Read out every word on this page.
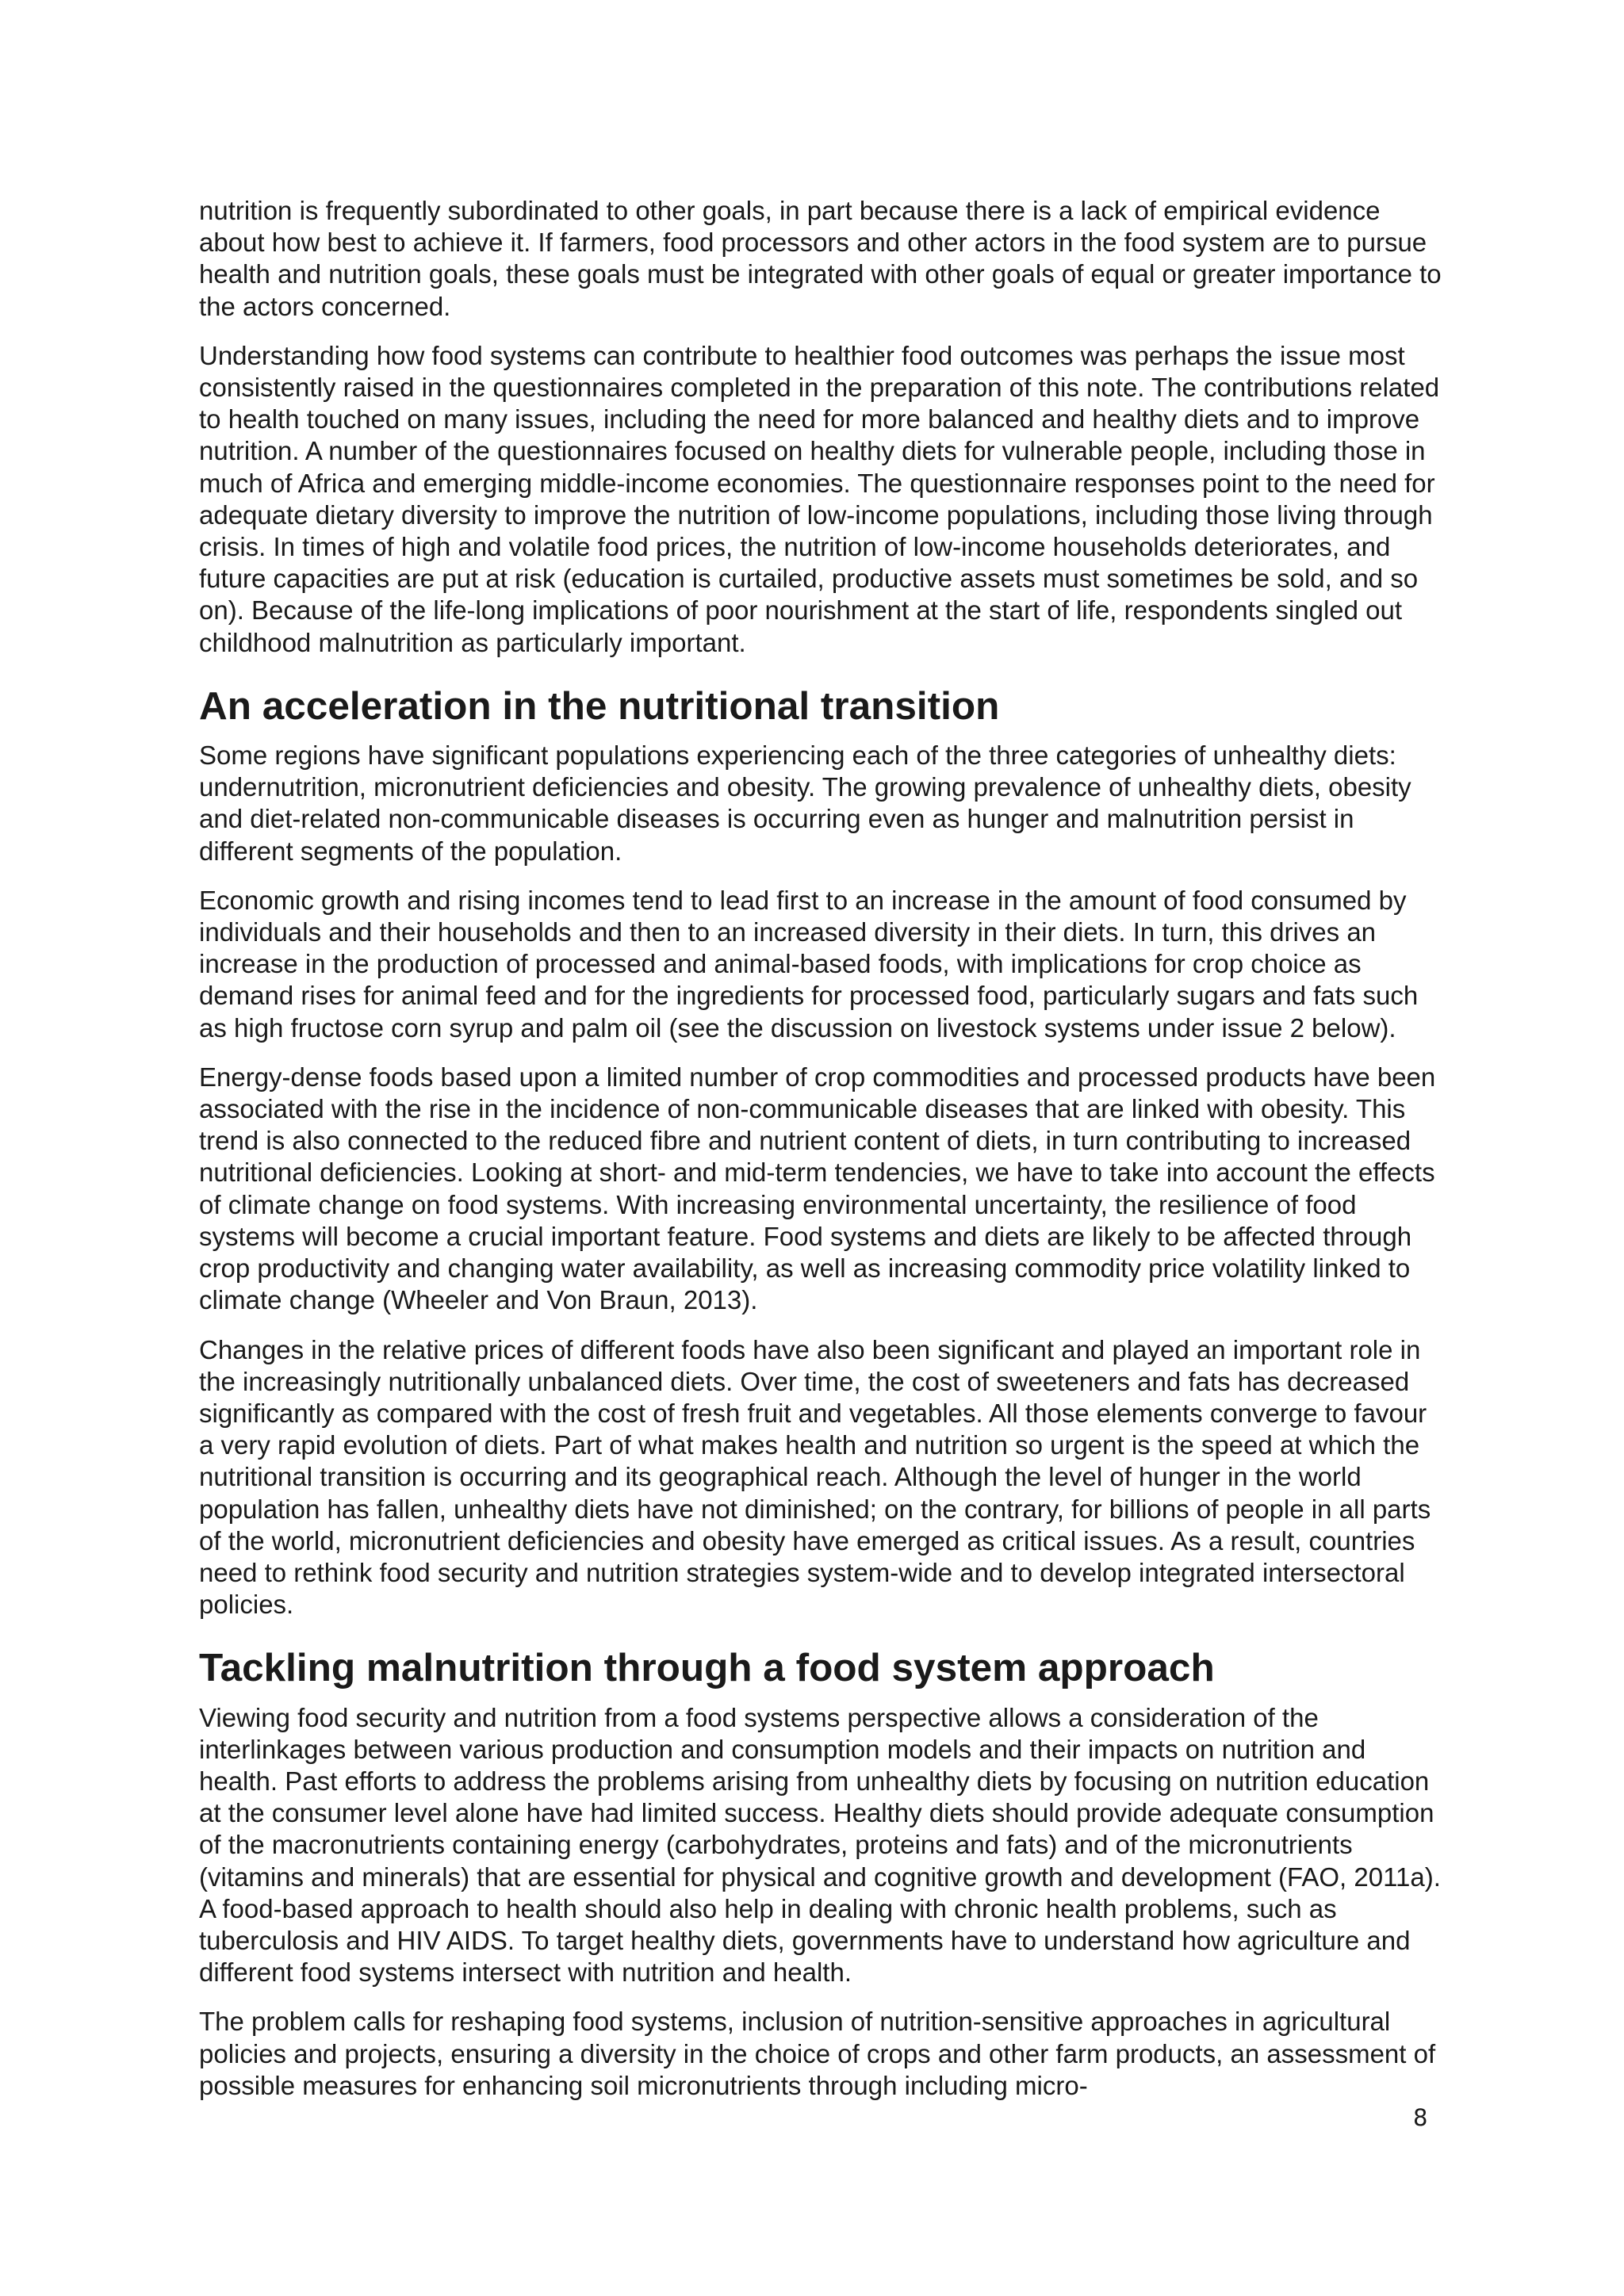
nutrition is frequently subordinated to other goals, in part because there is a lack of empirical evidence about how best to achieve it. If farmers, food processors and other actors in the food system are to pursue health and nutrition goals, these goals must be integrated with other goals of equal or greater importance to the actors concerned.

Understanding how food systems can contribute to healthier food outcomes was perhaps the issue most consistently raised in the questionnaires completed in the preparation of this note. The contributions related to health touched on many issues, including the need for more balanced and healthy diets and to improve nutrition. A number of the questionnaires focused on healthy diets for vulnerable people, including those in much of Africa and emerging middle-income economies. The questionnaire responses point to the need for adequate dietary diversity to improve the nutrition of low-income populations, including those living through crisis. In times of high and volatile food prices, the nutrition of low-income households deteriorates, and future capacities are put at risk (education is curtailed, productive assets must sometimes be sold, and so on). Because of the life-long implications of poor nourishment at the start of life, respondents singled out childhood malnutrition as particularly important.

An acceleration in the nutritional transition

Some regions have significant populations experiencing each of the three categories of unhealthy diets: undernutrition, micronutrient deficiencies and obesity. The growing prevalence of unhealthy diets, obesity and diet-related non-communicable diseases is occurring even as hunger and malnutrition persist in different segments of the population.

Economic growth and rising incomes tend to lead first to an increase in the amount of food consumed by individuals and their households and then to an increased diversity in their diets. In turn, this drives an increase in the production of processed and animal-based foods, with implications for crop choice as demand rises for animal feed and for the ingredients for processed food, particularly sugars and fats such as high fructose corn syrup and palm oil (see the discussion on livestock systems under issue 2 below).

Energy-dense foods based upon a limited number of crop commodities and processed products have been associated with the rise in the incidence of non-communicable diseases that are linked with obesity. This trend is also connected to the reduced fibre and nutrient content of diets, in turn contributing to increased nutritional deficiencies. Looking at short- and mid-term tendencies, we have to take into account the effects of climate change on food systems. With increasing environmental uncertainty, the resilience of food systems will become a crucial important feature. Food systems and diets are likely to be affected through crop productivity and changing water availability, as well as increasing commodity price volatility linked to climate change (Wheeler and Von Braun, 2013).

Changes in the relative prices of different foods have also been significant and played an important role in the increasingly nutritionally unbalanced diets. Over time, the cost of sweeteners and fats has decreased significantly as compared with the cost of fresh fruit and vegetables. All those elements converge to favour a very rapid evolution of diets. Part of what makes health and nutrition so urgent is the speed at which the nutritional transition is occurring and its geographical reach. Although the level of hunger in the world population has fallen, unhealthy diets have not diminished; on the contrary, for billions of people in all parts of the world, micronutrient deficiencies and obesity have emerged as critical issues. As a result, countries need to rethink food security and nutrition strategies system-wide and to develop integrated intersectoral policies.

Tackling malnutrition through a food system approach

Viewing food security and nutrition from a food systems perspective allows a consideration of the interlinkages between various production and consumption models and their impacts on nutrition and health. Past efforts to address the problems arising from unhealthy diets by focusing on nutrition education at the consumer level alone have had limited success. Healthy diets should provide adequate consumption of the macronutrients containing energy (carbohydrates, proteins and fats) and of the micronutrients (vitamins and minerals) that are essential for physical and cognitive growth and development (FAO, 2011a). A food-based approach to health should also help in dealing with chronic health problems, such as tuberculosis and HIV AIDS. To target healthy diets, governments have to understand how agriculture and different food systems intersect with nutrition and health.

The problem calls for reshaping food systems, inclusion of nutrition-sensitive approaches in agricultural policies and projects, ensuring a diversity in the choice of crops and other farm products, an assessment of possible measures for enhancing soil micronutrients through including micro-

8
